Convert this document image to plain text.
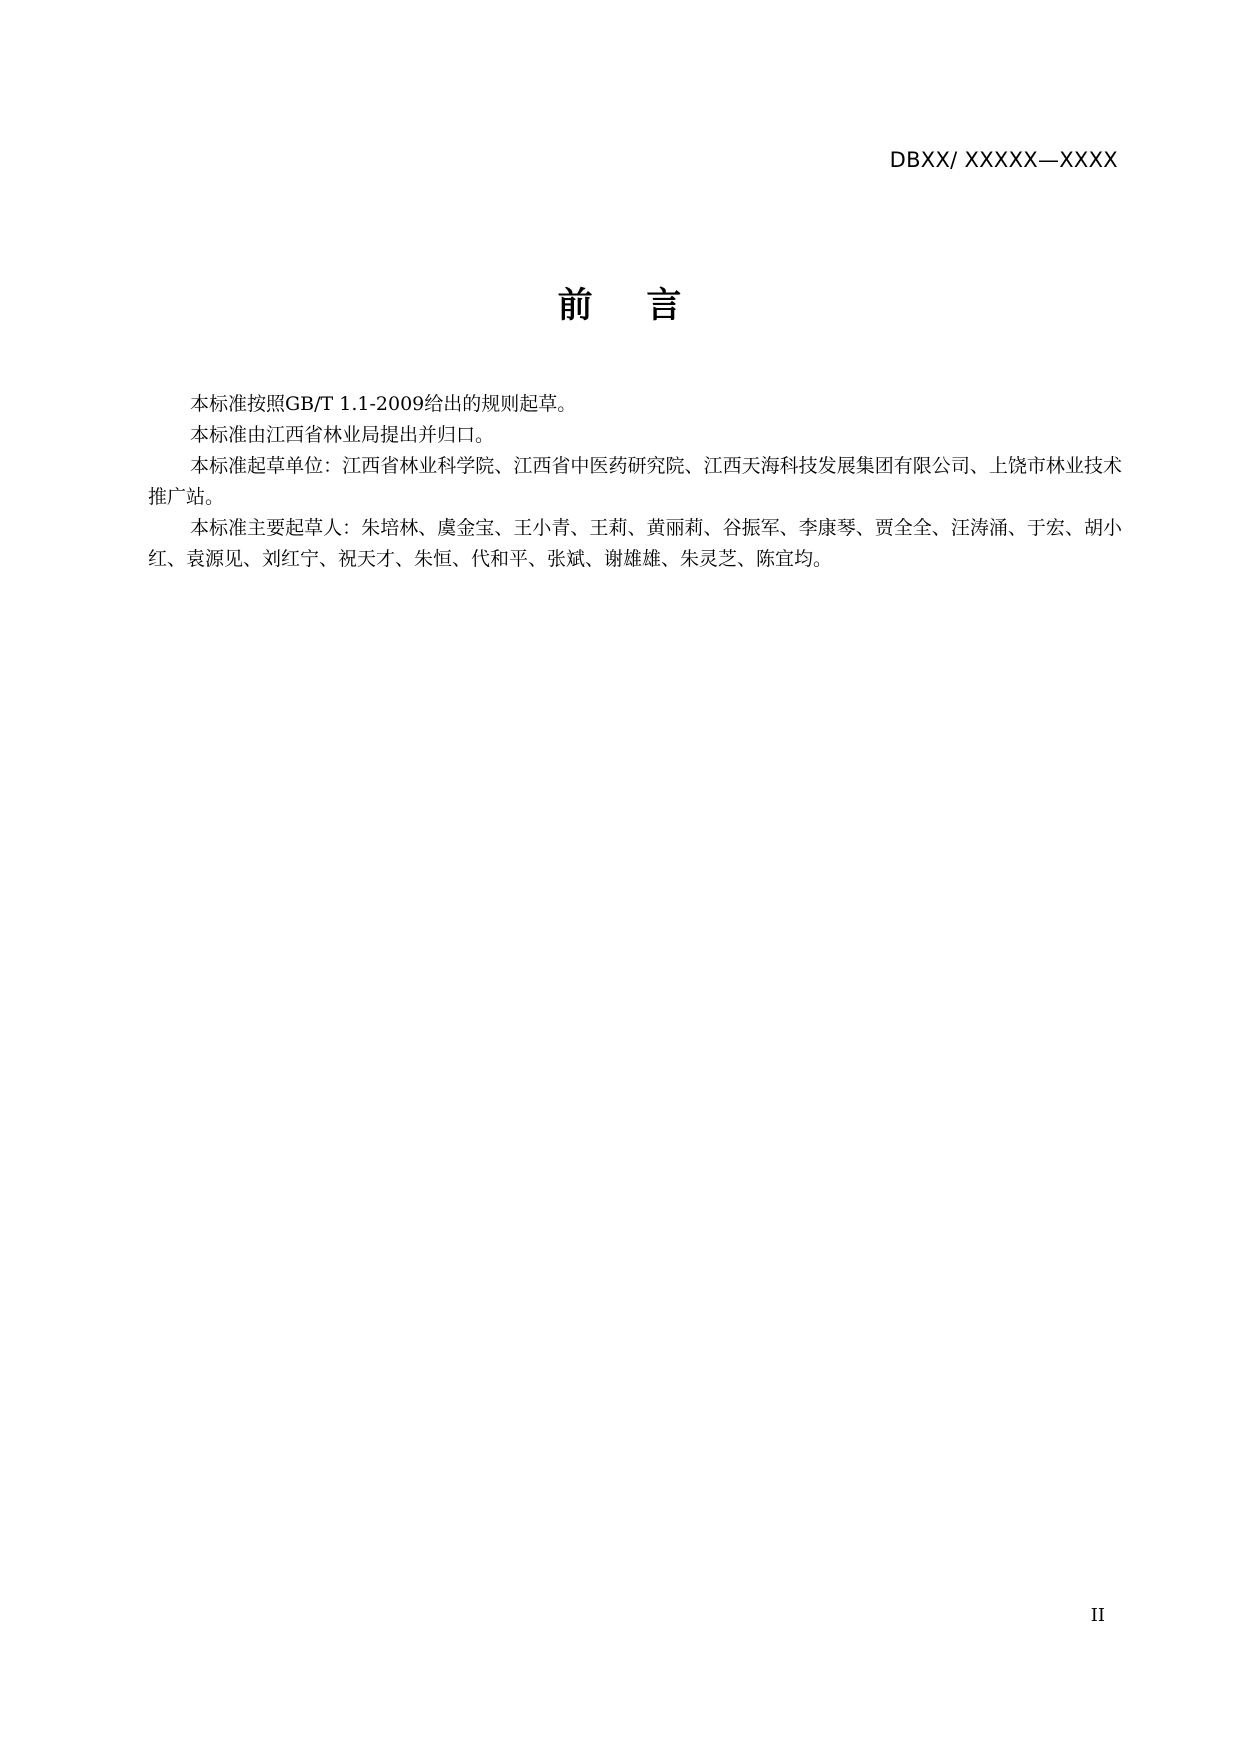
DBXX/ XXXXX—XXXX
前    言

本标准按照GB/T 1.1-2009给出的规则起草。

本标准由江西省林业局提出并归口。

本标准起草单位：江西省林业科学院、江西省中医药研究院、江西天海科技发展集团有限公司、上饶市林业技术推广站。

本标准主要起草人：朱培林、虞金宝、王小青、王莉、黄丽莉、谷振军、李康琴、贾全全、汪涛涌、于宏、胡小红、袁源见、刘红宁、祝天才、朱恒、代和平、张斌、谢雄雄、朱灵芝、陈宜均。

II
